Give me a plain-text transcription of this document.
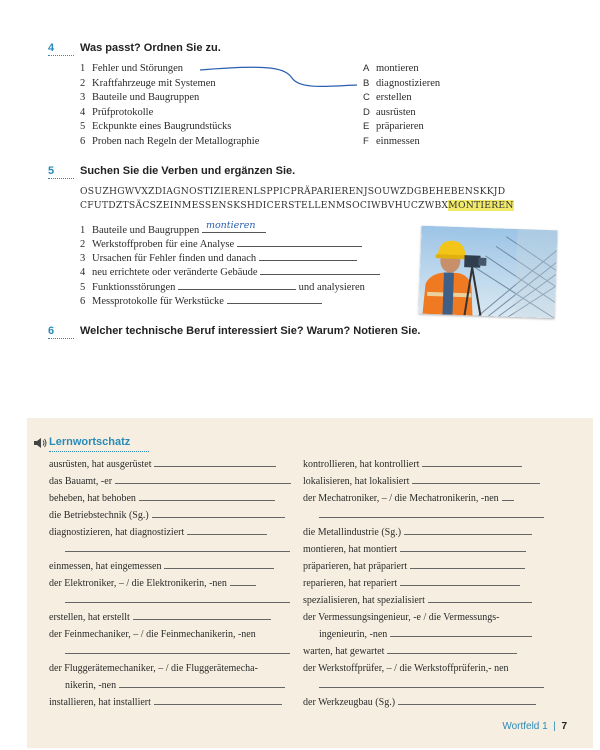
4	Was passt? Ordnen Sie zu.
1 Fehler und Störungen
2 Kraftfahrzeuge mit Systemen
3 Bauteile und Baugruppen
4 Prüfprotokolle
5 Eckpunkte eines Baugrundstücks
6 Proben nach Regeln der Metallographie
A montieren
B diagnostizieren
C erstellen
D ausrüsten
E präparieren
F einmessen
5	Suchen Sie die Verben und ergänzen Sie.
OSUZHGWVXZDIAGNOSTIZIERENLSPPICPRÄPARIERENJSOUWZDGBEHEBENSKKJD
CFUTDZTSÄCSZEINMESSENSKSHDICERSTELLENMSOCIWBVHUCZWBXMONTIEREN
1 Bauteile und Baugruppen montieren
2 Werkstoffproben für eine Analyse
3 Ursachen für Fehler finden und danach
4 neu errichtete oder veränderte Gebäude
5 Funktionsstörungen	und analysieren
6 Messprotokolle für Werkstücke
6	Welcher technische Beruf interessiert Sie? Warum? Notieren Sie.
Lernwortschatz
ausrüsten, hat ausgerüstet
das Bauamt, -er
beheben, hat behoben
die Betriebstechnik (Sg.)
diagnostizieren, hat diagnostiziert
einmessen, hat eingemessen
der Elektroniker, – / die Elektronikerin, -nen
erstellen, hat erstellt
der Feinmechaniker, – / die Feinmechanikerin, -nen
der Fluggerätemechaniker, – / die Fluggerätemecha-
nikerin, -nen
installieren, hat installiert
kontrollieren, hat kontrolliert
lokalisieren, hat lokalisiert
der Mechatroniker, – / die Mechatronikerin, -nen
die Metallindustrie (Sg.)
montieren, hat montiert
präparieren, hat präpariert
reparieren, hat repariert
spezialisieren, hat spezialisiert
der Vermessungsingenieur, -e / die Vermessungs-
ingenieurin, -nen
warten, hat gewartet
der Werkstoffprüfer, – / die Werkstoffprüferin,- nen
der Werkzeugbau (Sg.)
Wortfeld 1 | 7
